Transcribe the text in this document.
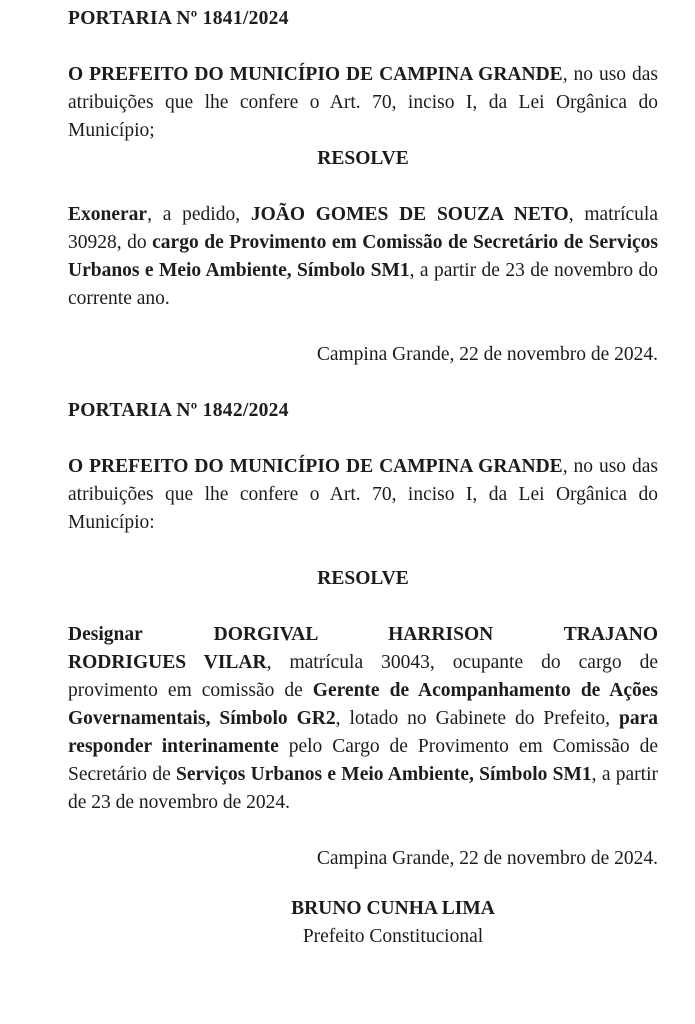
PORTARIA Nº 1841/2024

O PREFEITO DO MUNICÍPIO DE CAMPINA GRANDE, no uso das atribuições que lhe confere o Art. 70, inciso I, da Lei Orgânica do Município;

RESOLVE

Exonerar, a pedido, JOÃO GOMES DE SOUZA NETO, matrícula 30928, do cargo de Provimento em Comissão de Secretário de Serviços Urbanos e Meio Ambiente, Símbolo SM1, a partir de 23 de novembro do corrente ano.

Campina Grande, 22 de novembro de 2024.

PORTARIA Nº 1842/2024

O PREFEITO DO MUNICÍPIO DE CAMPINA GRANDE, no uso das atribuições que lhe confere o Art. 70, inciso I, da Lei Orgânica do Município:

RESOLVE

Designar	DORGIVAL HARRISON TRAJANO

RODRIGUES VILAR, matrícula 30043, ocupante do cargo de provimento em comissão de Gerente de Acompanhamento de Ações Governamentais, Símbolo GR2, lotado no Gabinete do Prefeito, para responder interinamente pelo Cargo de Provimento em Comissão de Secretário de Serviços Urbanos e Meio Ambiente, Símbolo SM1, a partir de 23 de novembro de 2024.

Campina Grande, 22 de novembro de 2024.

BRUNO CUNHA LIMA

Prefeito Constitucional
